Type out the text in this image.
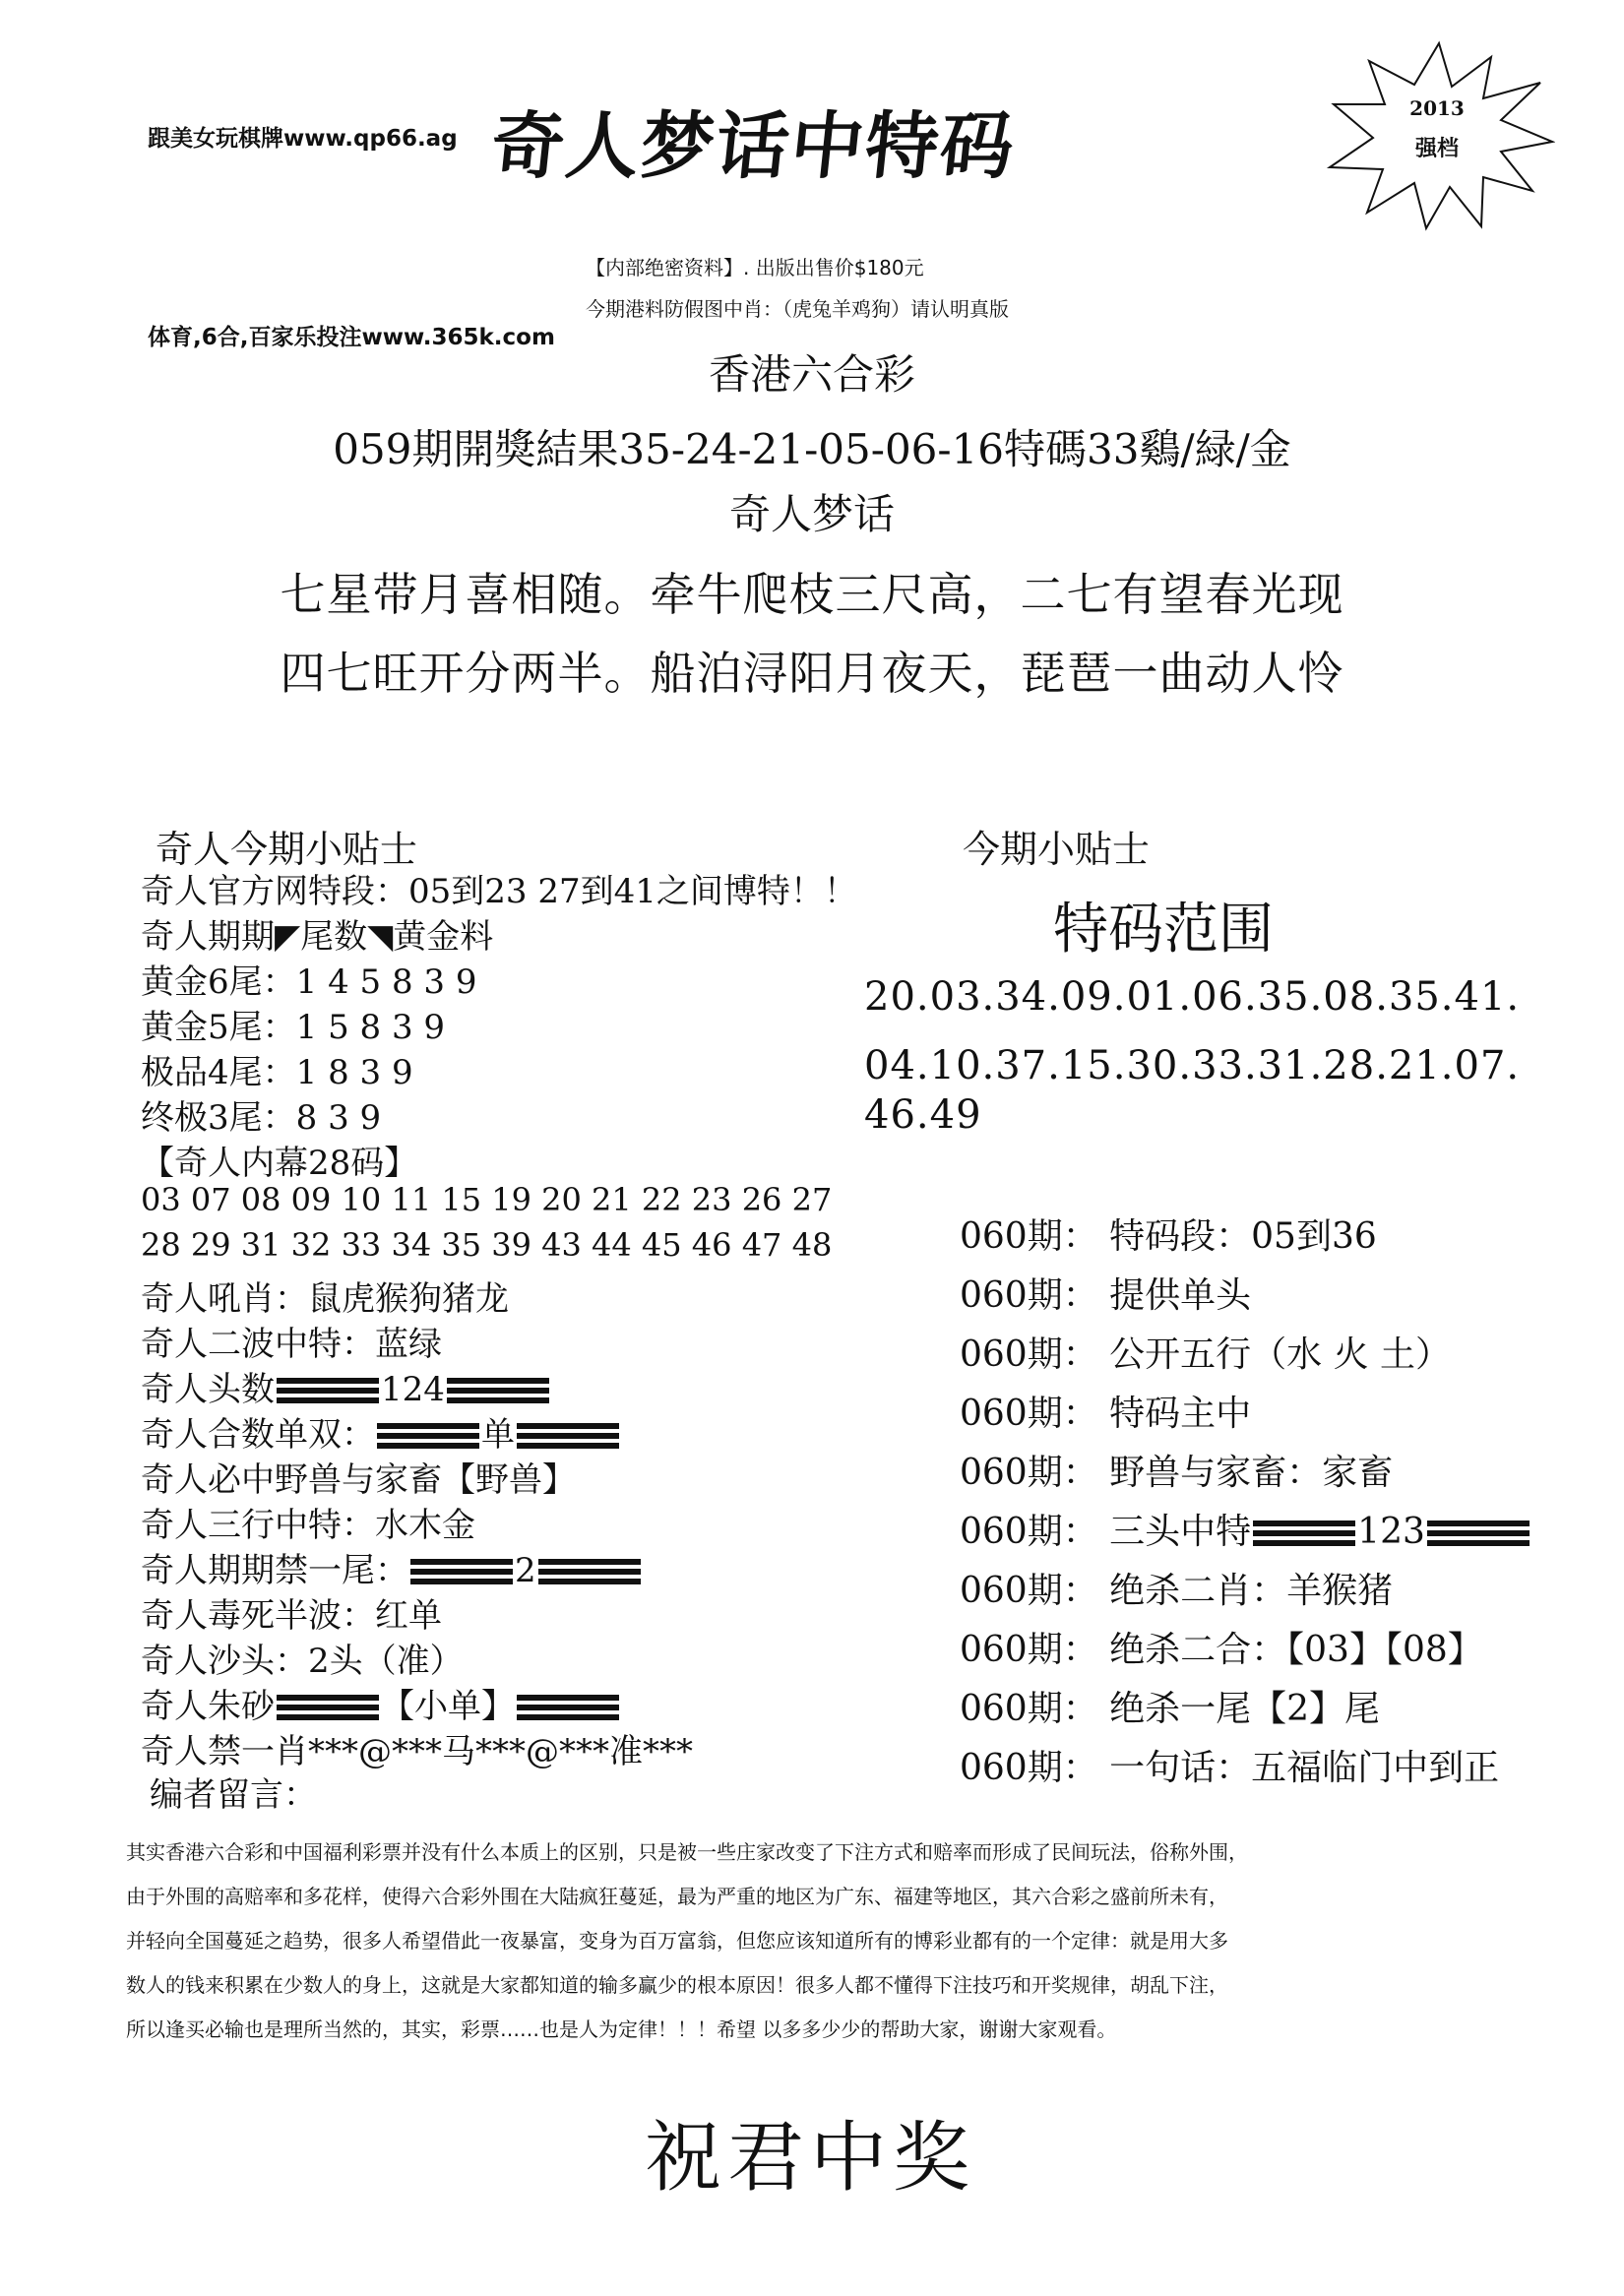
跟美女玩棋牌www.qp66.ag 奇人梦话中特码	2013
强档
【内部绝密资料】. 出版出售价$180元
今期港料防假图中肖：（虎兔羊鸡狗）请认明真版
体育,6合,百家乐投注www.365k.com
香港六合彩
059期開獎結果35-24-21-05-06-16特碼33鷄/緑/金
奇人梦话
七星带月喜相随。牵牛爬枝三尺高，二七有望春光现
四七旺开分两半。船泊浔阳月夜天，琵琶一曲动人怜
奇人今期小贴士
奇人官方网特段：05到23 27到41之间博特！！
奇人期期◤尾数◥黄金料
黄金6尾：1 4 5 8 3 9
黄金5尾：1 5 8 3 9
极品4尾：1 8 3 9
终极3尾：8 3 9
【奇人内幕28码】
03 07 08 09 10 11 15 19 20 21 22 23 26 27
28 29 31 32 33 34 35 39 43 44 45 46 47 48
奇人吼肖：鼠虎猴狗猪龙
奇人二波中特：蓝绿
奇人头数	124
奇人合数单双：	单
奇人必中野兽与家畜【野兽】
奇人三行中特：水木金
奇人期期禁一尾：	2
奇人毒死半波：红单
奇人沙头：2头（准）
奇人朱砂	【小单】
奇人禁一肖***@***马***@***准***
编者留言：
今期小贴士
特码范围
20.03.34.09.01.06.35.08.35.41.
04.10.37.15.30.33.31.28.21.07.
46.49
060期： 特码段：05到36
060期： 提供单头
060期： 公开五行（水 火 土）
060期： 特码主中
060期： 野兽与家畜：家畜
060期： 三头中特	123
060期： 绝杀二肖：羊猴猪
060期： 绝杀二合：【03】【08】
060期： 绝杀一尾【2】尾
060期： 一句话：五福临门中到正
其实香港六合彩和中国福利彩票并没有什么本质上的区别，只是被一些庄家改变了下注方式和赔率而形成了民间玩法，俗称外围，
由于外围的高赔率和多花样，使得六合彩外围在大陆疯狂蔓延，最为严重的地区为广东、福建等地区，其六合彩之盛前所未有，
并轻向全国蔓延之趋势，很多人希望借此一夜暴富，变身为百万富翁，但您应该知道所有的博彩业都有的一个定律：就是用大多
数人的钱来积累在少数人的身上，这就是大家都知道的输多赢少的根本原因！很多人都不懂得下注技巧和开奖规律，胡乱下注，
所以逢买必输也是理所当然的，其实，彩票……也是人为定律！！！希望 以多多少少的帮助大家，谢谢大家观看。
祝君中奖
